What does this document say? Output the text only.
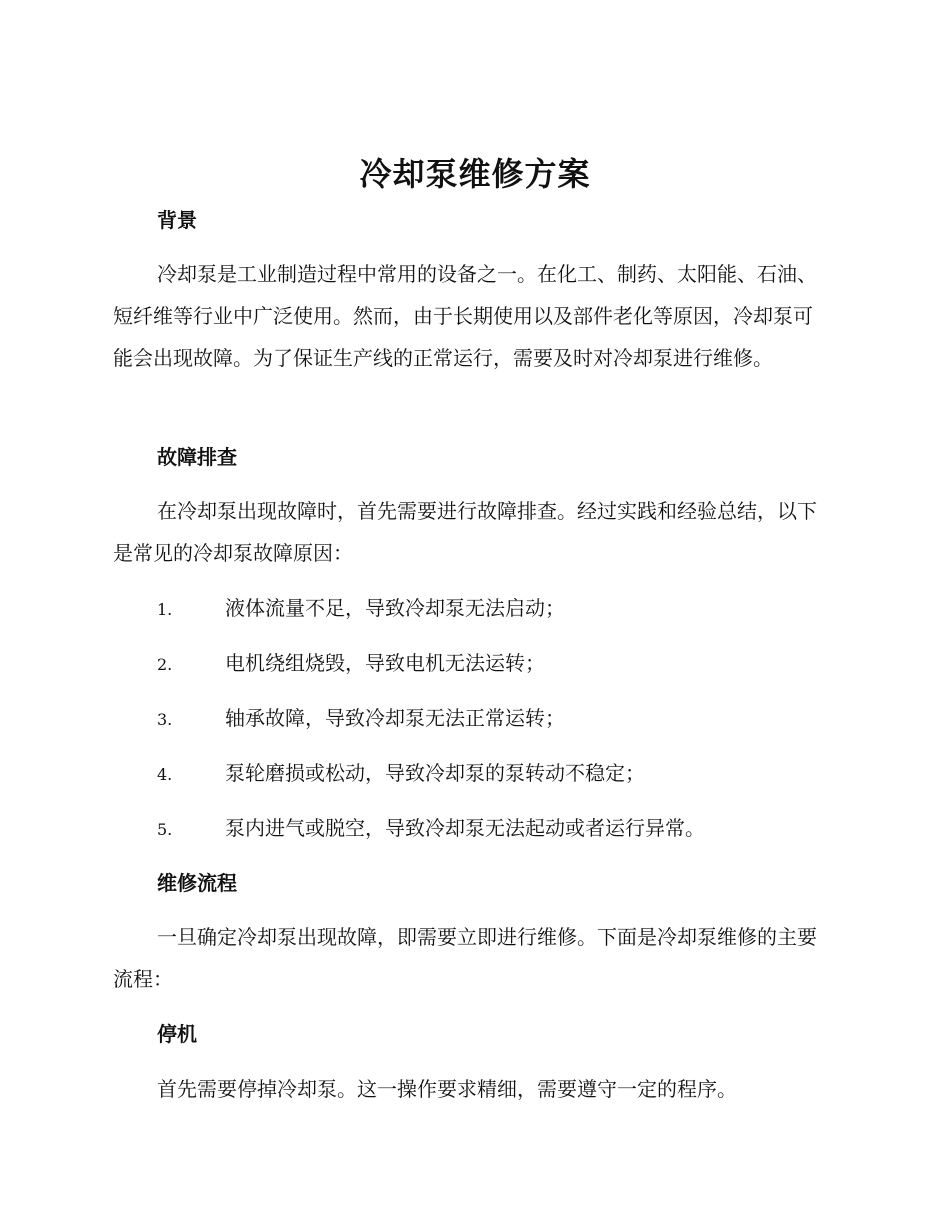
冷却泵维修方案
背景

冷却泵是工业制造过程中常用的设备之一。在化工、制药、太阳能、石油、短纤维等行业中广泛使用。然而，由于长期使用以及部件老化等原因，冷却泵可能会出现故障。为了保证生产线的正常运行，需要及时对冷却泵进行维修。

故障排查

在冷却泵出现故障时，首先需要进行故障排查。经过实践和经验总结，以下是常见的冷却泵故障原因：

1.	液体流量不足，导致冷却泵无法启动；
2.	电机绕组烧毁，导致电机无法运转；
3.	轴承故障，导致冷却泵无法正常运转；
4.	泵轮磨损或松动，导致冷却泵的泵转动不稳定；
5.	泵内进气或脱空，导致冷却泵无法起动或者运行异常。
维修流程

一旦确定冷却泵出现故障，即需要立即进行维修。下面是冷却泵维修的主要流程：

停机

首先需要停掉冷却泵。这一操作要求精细，需要遵守一定的程序。
